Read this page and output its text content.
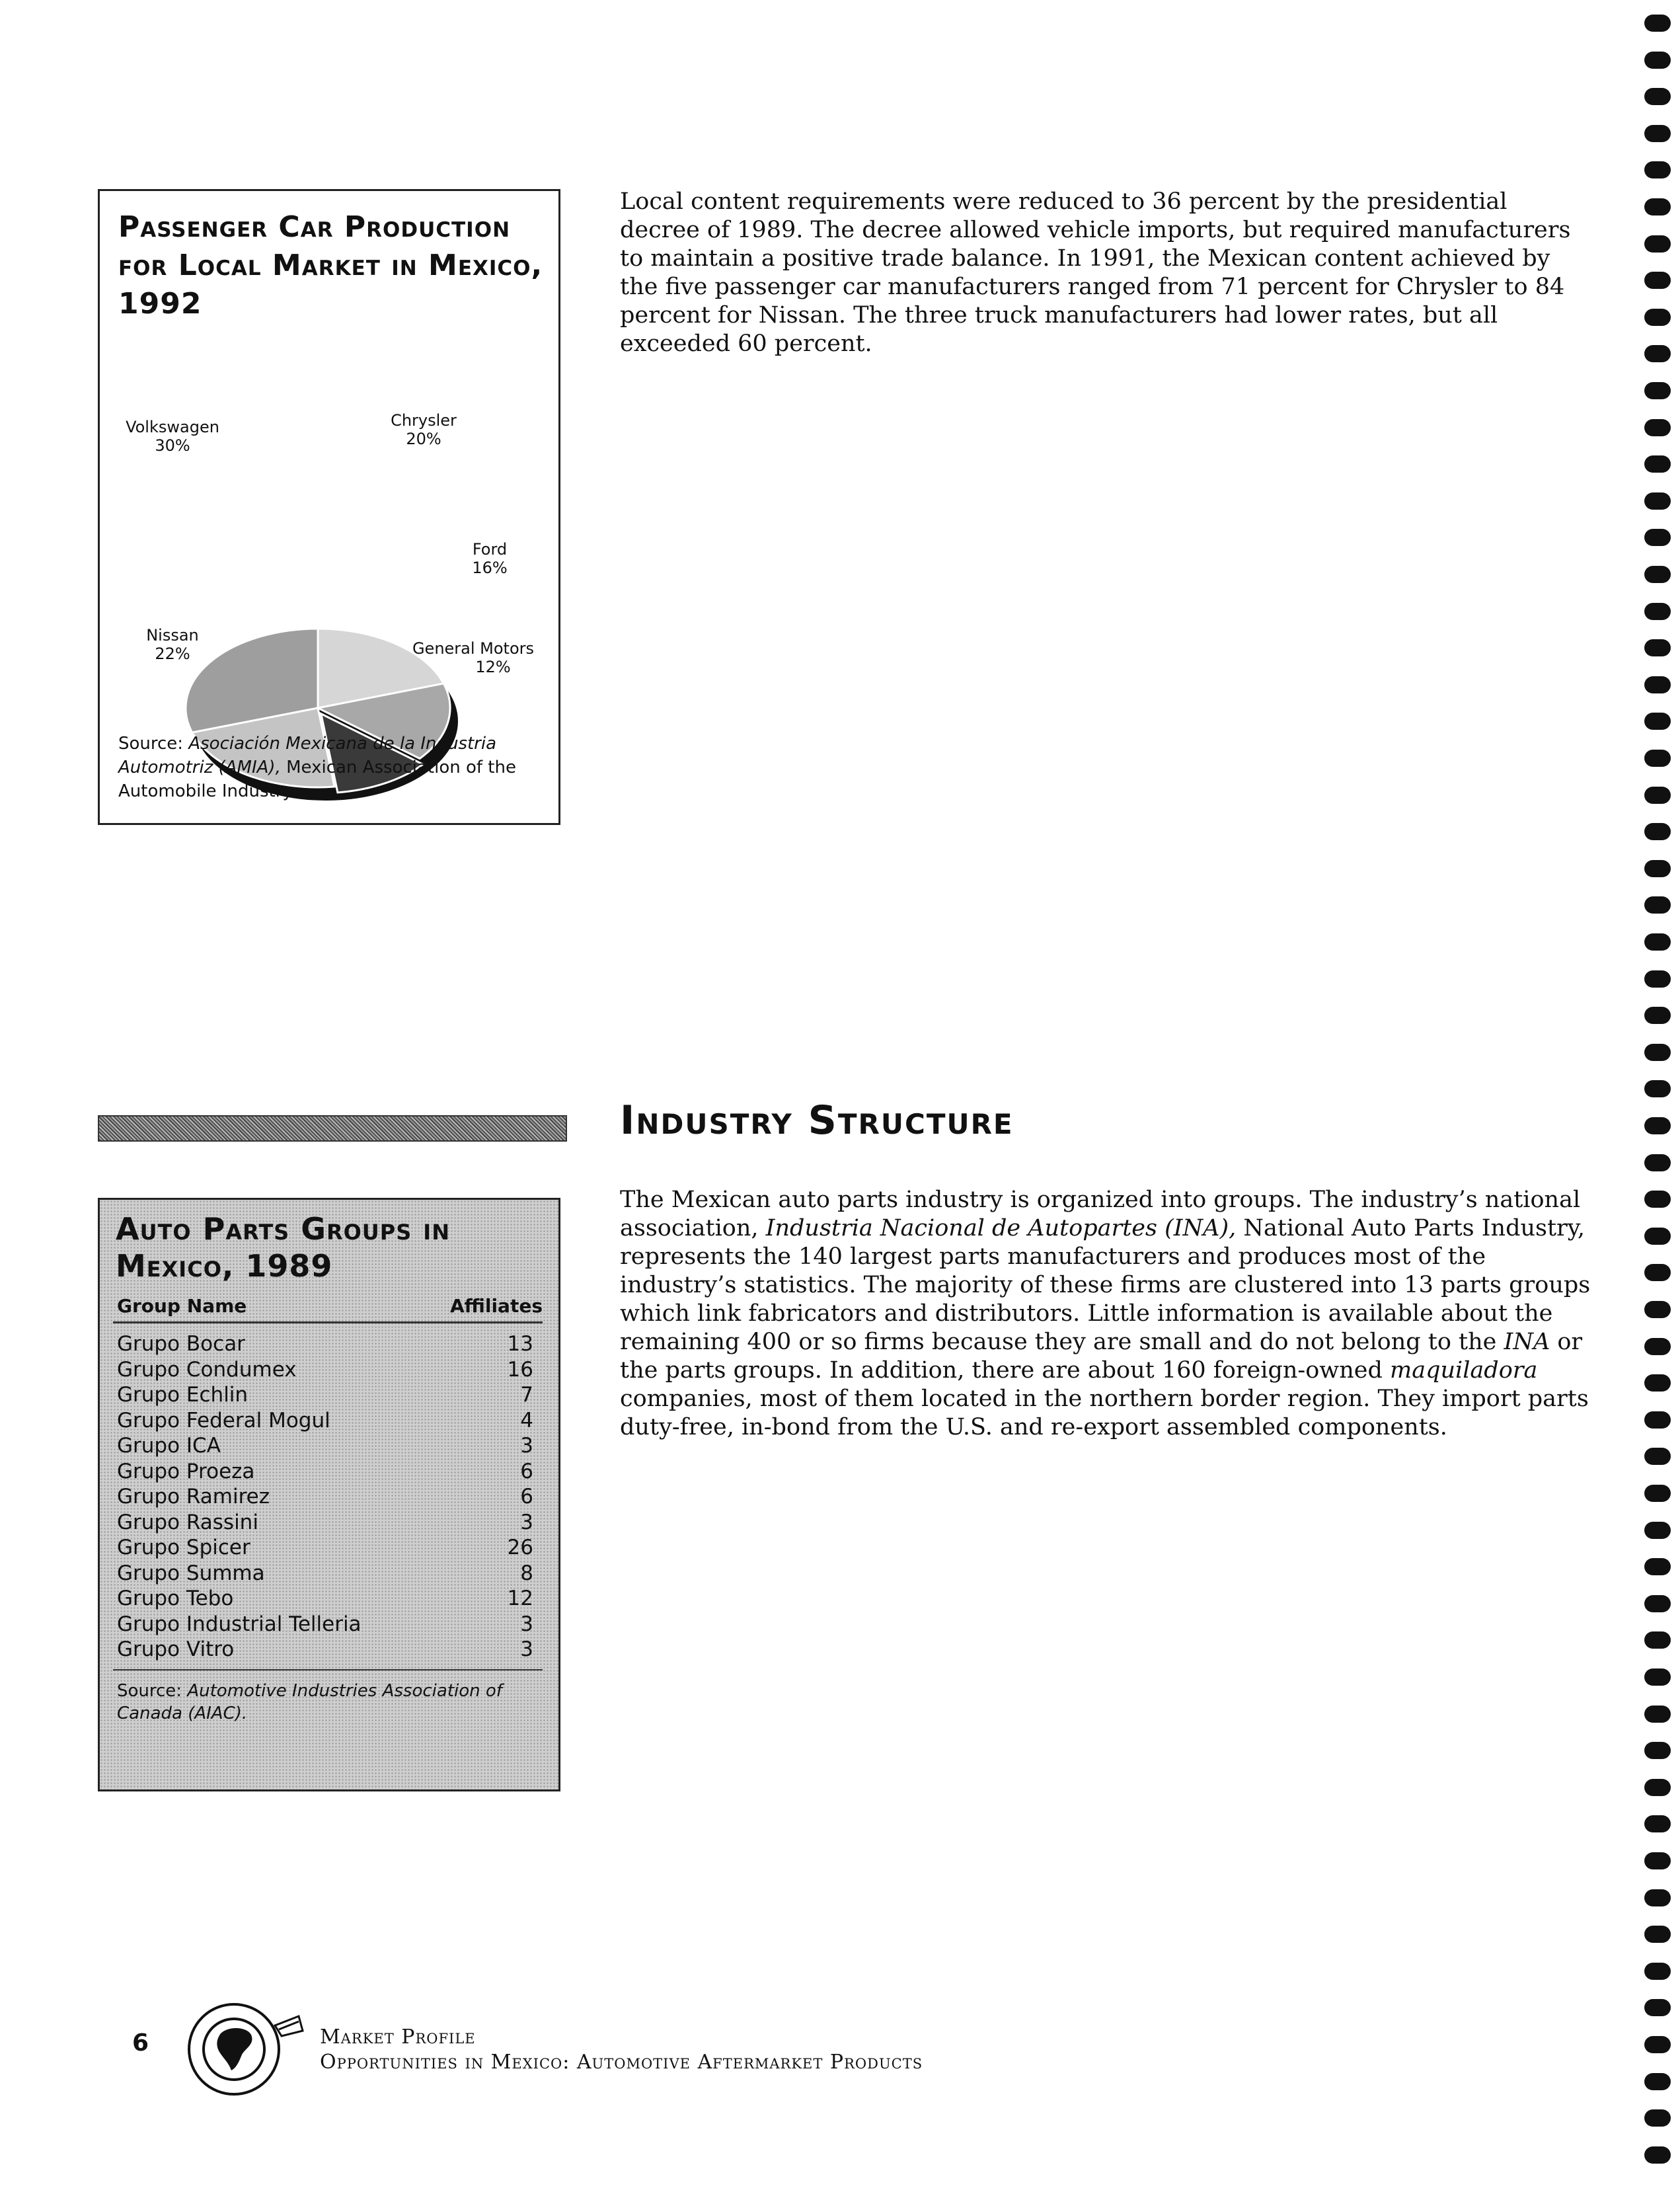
Passenger Car Production for Local Market in Mexico, 1992
Volkswagen
30%
Chrysler
20%
Ford
16%
General Motors
12%
Nissan
22%
Source: Asociación Mexicana de la Industria Automotriz (AMIA), Mexican Association of the Automobile Industry.

Local content requirements were reduced to 36 percent by the presidential decree of 1989. The decree allowed vehicle imports, but required manufacturers to maintain a positive trade balance. In 1991, the Mexican content achieved by the five passenger car manufacturers ranged from 71 percent for Chrysler to 84 percent for Nissan. The three truck manufacturers had lower rates, but all exceeded 60 percent.

Industry Structure

The Mexican auto parts industry is organized into groups. The industry’s national association, Industria Nacional de Autopartes (INA), National Auto Parts Industry, represents the 140 largest parts manufacturers and produces most of the industry’s statistics. The majority of these firms are clustered into 13 parts groups which link fabricators and distributors. Little information is available about the remaining 400 or so firms because they are small and do not belong to the INA or the parts groups. In addition, there are about 160 foreign-owned maquiladora companies, most of them located in the northern border region. They import parts duty-free, in-bond from the U.S. and re-export assembled components.

Auto Parts Groups in Mexico, 1989
Group Name	Affiliates
Grupo Bocar	13
Grupo Condumex	16
Grupo Echlin	7
Grupo Federal Mogul	4
Grupo ICA	3
Grupo Proeza	6
Grupo Ramirez	6
Grupo Rassini	3
Grupo Spicer	26
Grupo Summa	8
Grupo Tebo	12
Grupo Industrial Telleria	3
Grupo Vitro	3
Source: Automotive Industries Association of Canada (AIAC).
6	Market Profile
Opportunities in Mexico: Automotive Aftermarket Products
